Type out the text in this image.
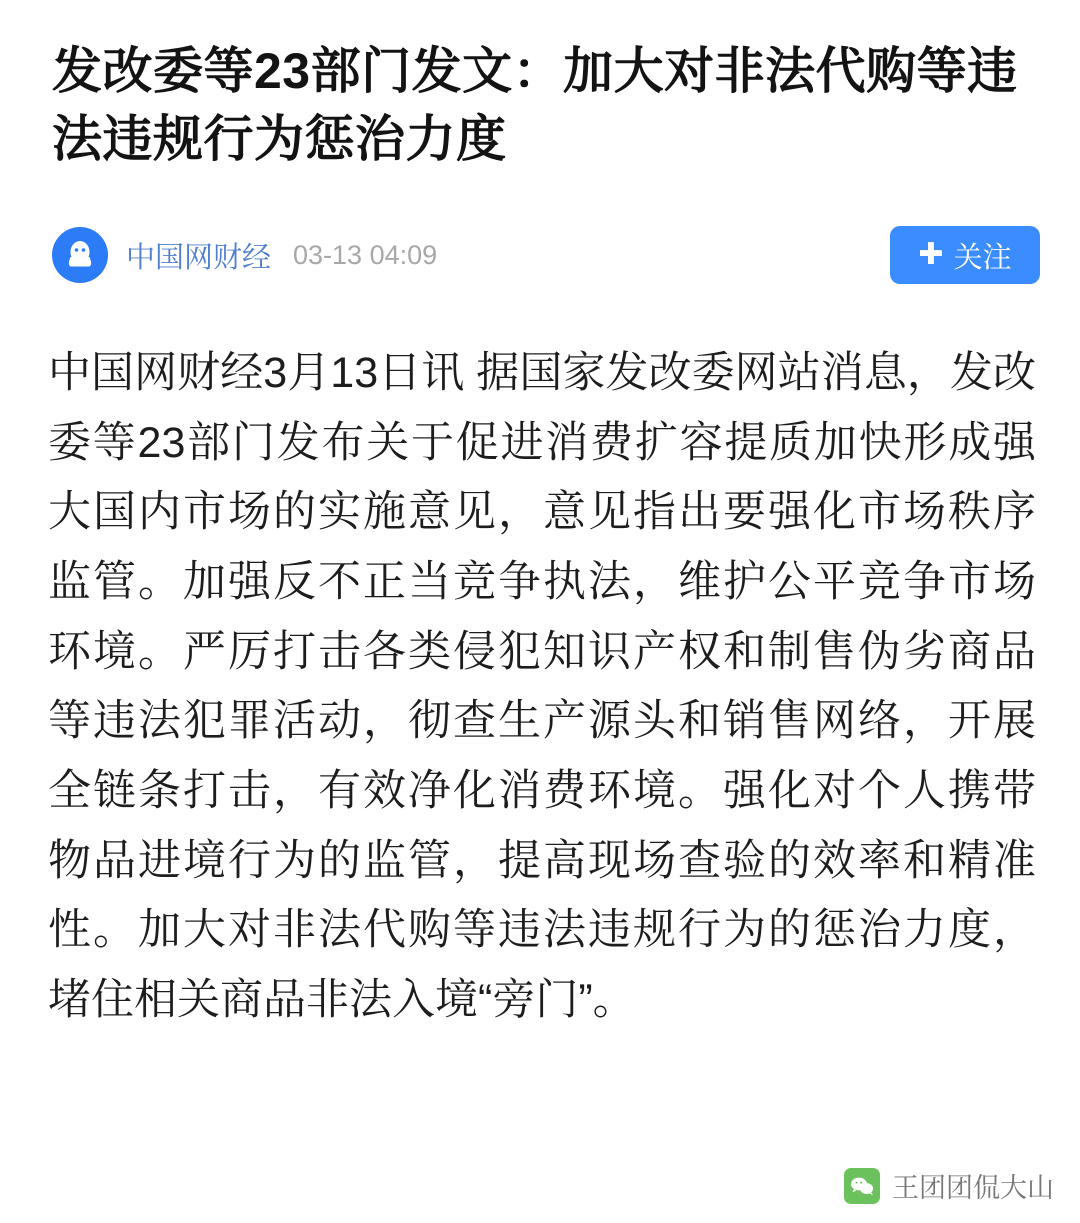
发改委等23部门发文：加大对非法代购等违法违规行为惩治力度
中国网财经 03-13 04:09	✚ 关注

中国网财经3月13日讯 据国家发改委网站消息，发改委等23部门发布关于促进消费扩容提质加快形成强大国内市场的实施意见，意见指出要强化市场秩序监管。加强反不正当竞争执法，维护公平竞争市场环境。严厉打击各类侵犯知识产权和制售伪劣商品等违法犯罪活动，彻查生产源头和销售网络，开展全链条打击，有效净化消费环境。强化对个人携带物品进境行为的监管，提高现场查验的效率和精准性。加大对非法代购等违法违规行为的惩治力度，堵住相关商品非法入境“旁门”。

王团团侃大山
